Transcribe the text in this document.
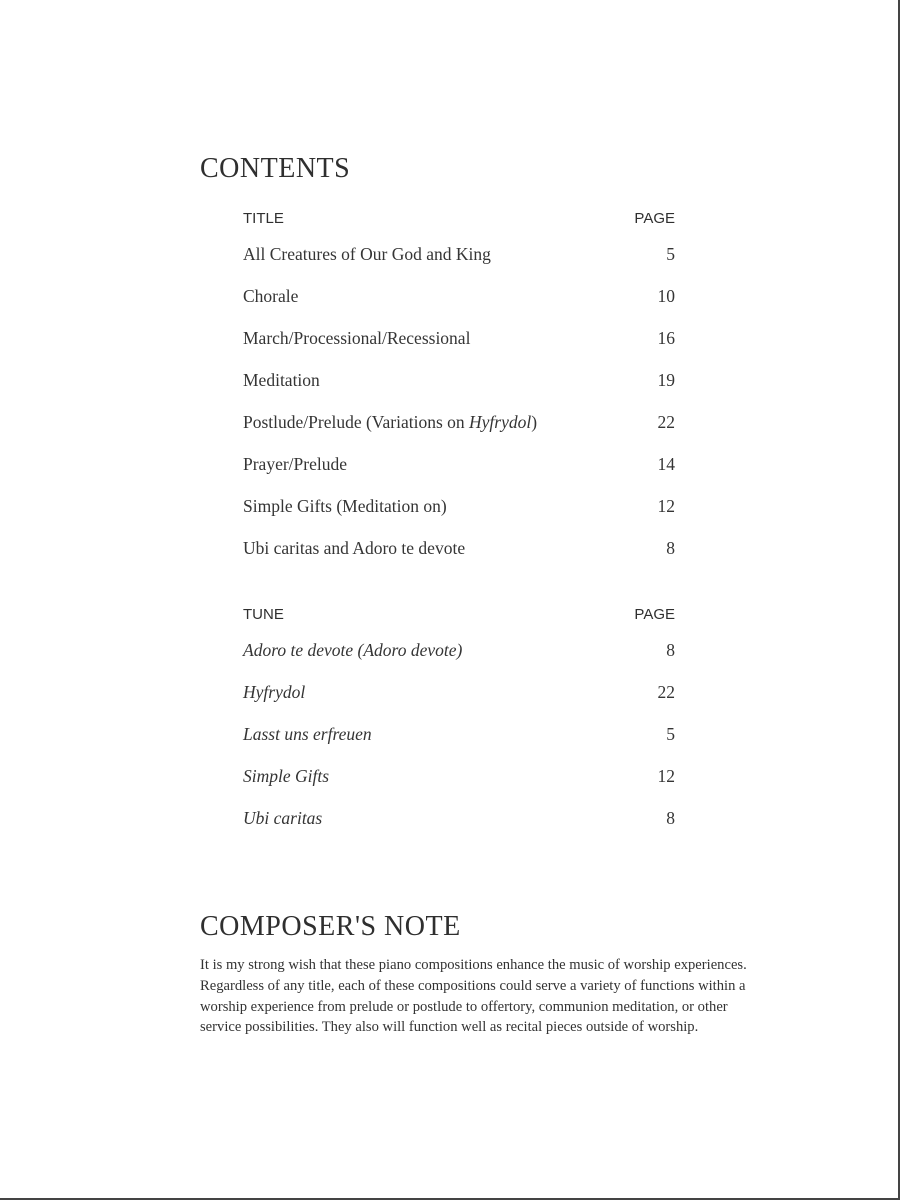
CONTENTS
TITLE	PAGE
All Creatures of Our God and King	5
Chorale	10
March/Processional/Recessional	16
Meditation	19
Postlude/Prelude (Variations on Hyfrydol)	22
Prayer/Prelude	14
Simple Gifts (Meditation on)	12
Ubi caritas and Adoro te devote	8
TUNE	PAGE
Adoro te devote (Adoro devote)	8
Hyfrydol	22
Lasst uns erfreuen	5
Simple Gifts	12
Ubi caritas	8
COMPOSER'S NOTE

It is my strong wish that these piano compositions enhance the music of worship experiences. Regardless of any title, each of these compositions could serve a variety of functions within a worship experience from prelude or postlude to offertory, communion meditation, or other service possibilities. They also will function well as recital pieces outside of worship.
